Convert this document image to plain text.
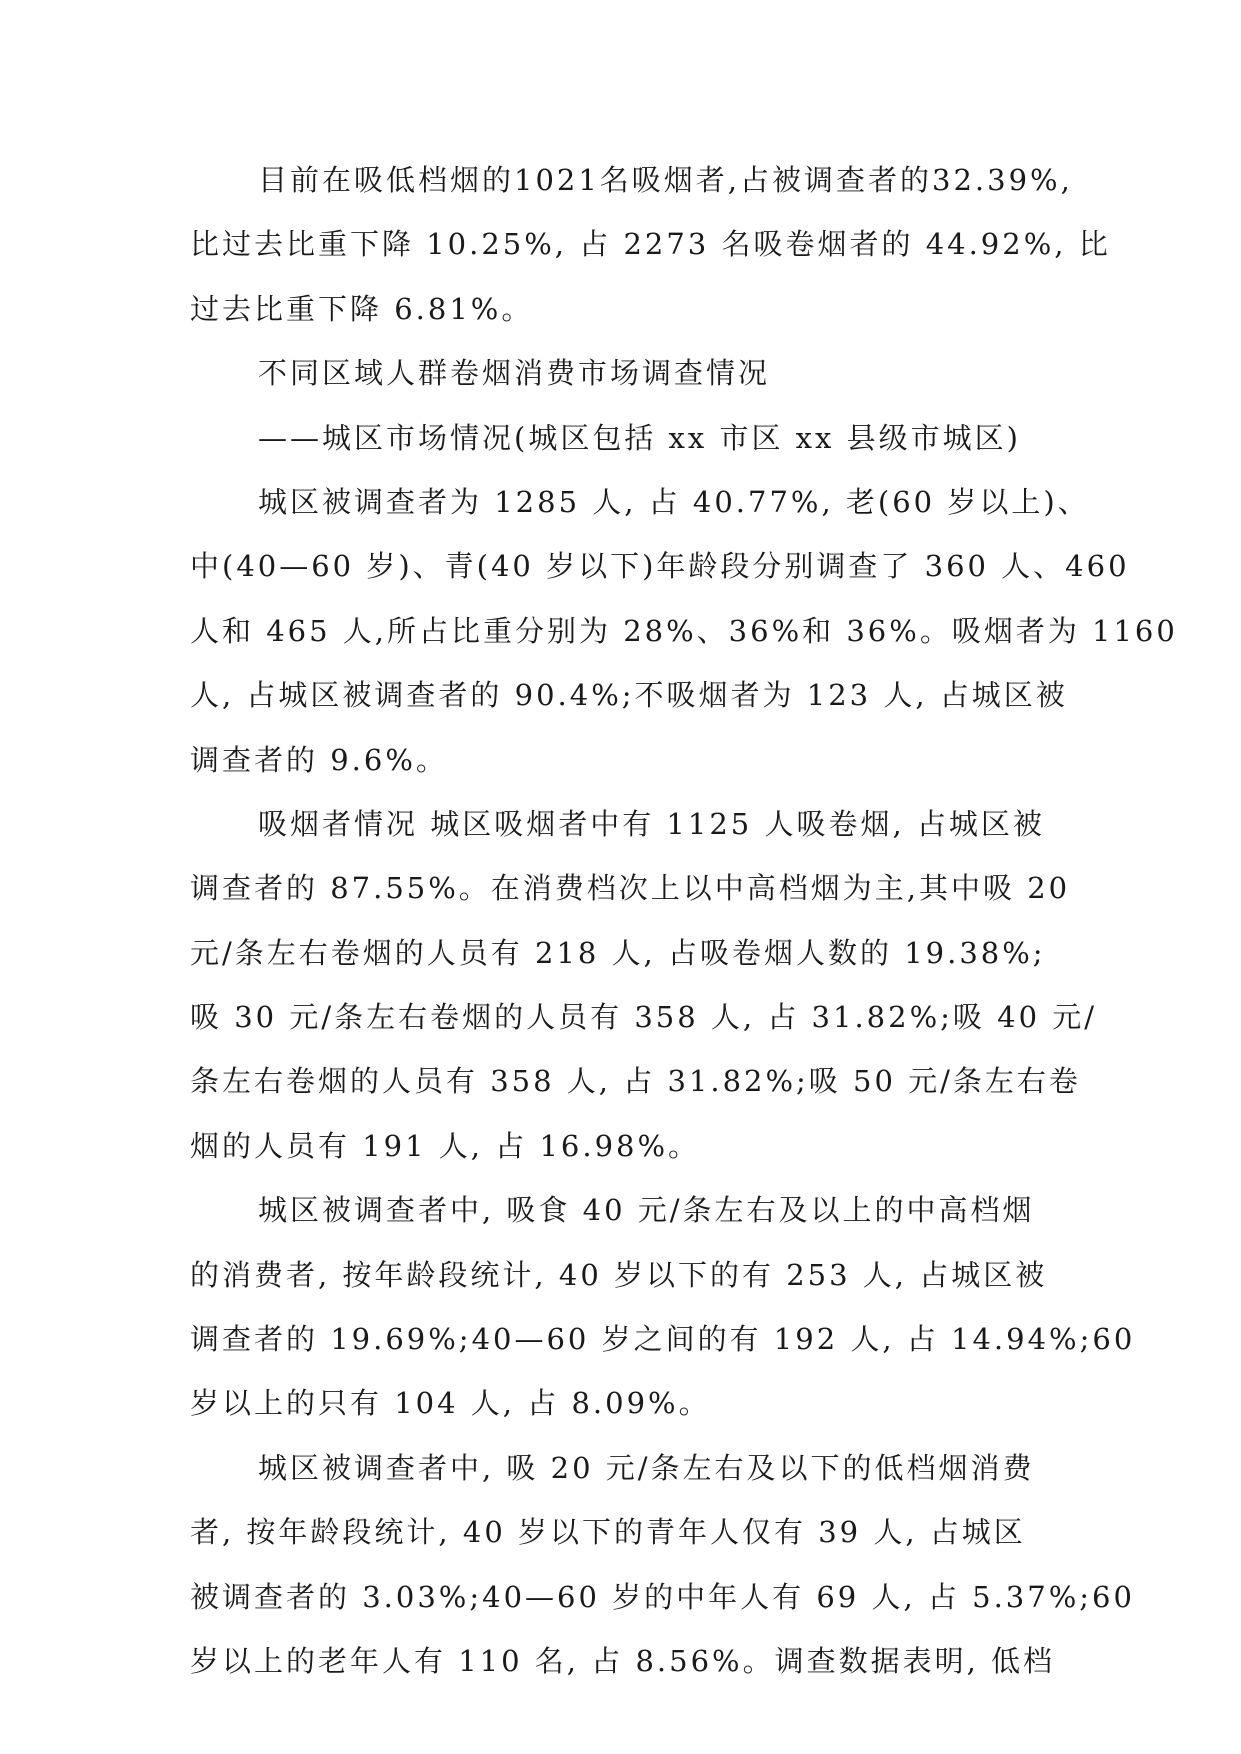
目前在吸低档烟的1021名吸烟者,占被调查者的32.39%,
比过去比重下降 10.25%, 占 2273 名吸卷烟者的 44.92%, 比
过去比重下降 6.81%。
不同区域人群卷烟消费市场调查情况
——城区市场情况(城区包括 xx 市区 xx 县级市城区)
城区被调查者为 1285 人, 占 40.77%, 老(60 岁以上)、
中(40—60 岁)、青(40 岁以下)年龄段分别调查了 360 人、460
人和 465 人,所占比重分别为 28%、36%和 36%。吸烟者为 1160
人, 占城区被调查者的 90.4%;不吸烟者为 123 人, 占城区被
调查者的 9.6%。
吸烟者情况 城区吸烟者中有 1125 人吸卷烟, 占城区被
调查者的 87.55%。在消费档次上以中高档烟为主,其中吸 20
元/条左右卷烟的人员有 218 人, 占吸卷烟人数的 19.38%;
吸 30 元/条左右卷烟的人员有 358 人, 占 31.82%;吸 40 元/
条左右卷烟的人员有 358 人, 占 31.82%;吸 50 元/条左右卷
烟的人员有 191 人, 占 16.98%。
城区被调查者中, 吸食 40 元/条左右及以上的中高档烟
的消费者, 按年龄段统计, 40 岁以下的有 253 人, 占城区被
调查者的 19.69%;40—60 岁之间的有 192 人, 占 14.94%;60
岁以上的只有 104 人, 占 8.09%。
城区被调查者中, 吸 20 元/条左右及以下的低档烟消费
者, 按年龄段统计, 40 岁以下的青年人仅有 39 人, 占城区
被调查者的 3.03%;40—60 岁的中年人有 69 人, 占 5.37%;60
岁以上的老年人有 110 名, 占 8.56%。调查数据表明, 低档
